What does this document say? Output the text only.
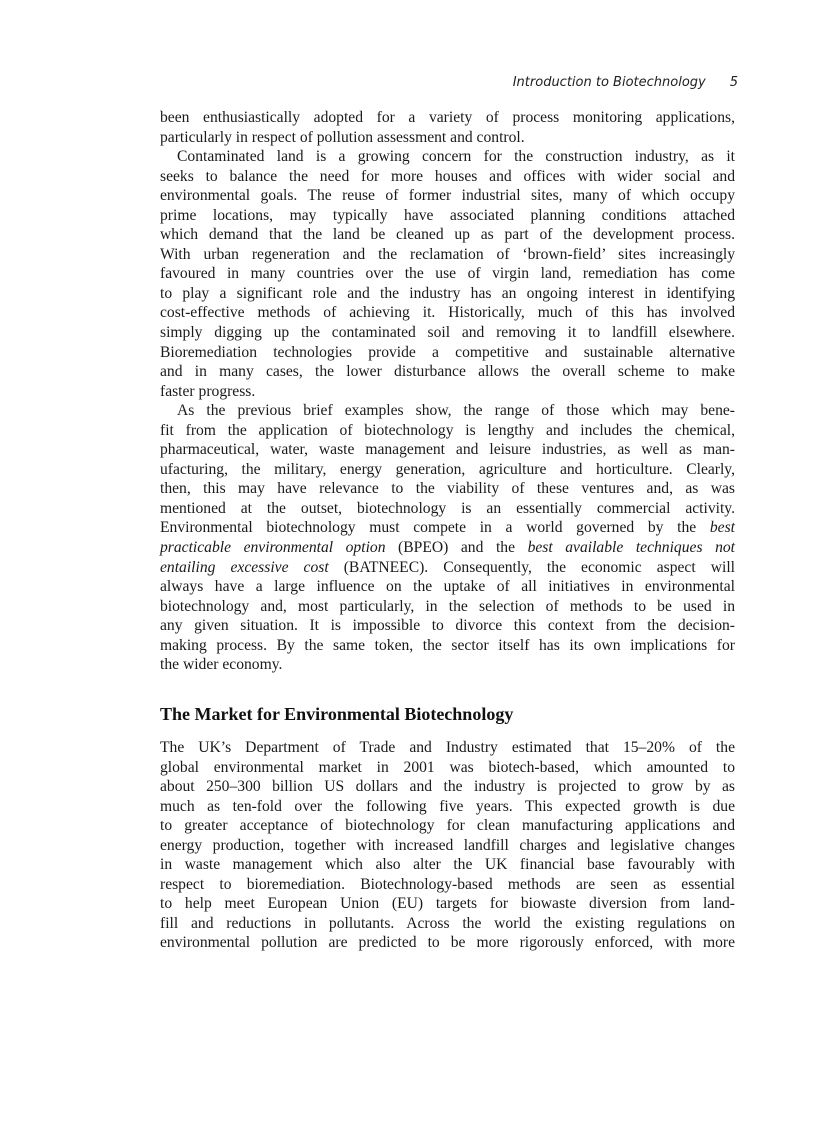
Introduction to Biotechnology 5
been enthusiastically adopted for a variety of process monitoring applications,
particularly in respect of pollution assessment and control.
Contaminated land is a growing concern for the construction industry, as it
seeks to balance the need for more houses and offices with wider social and
environmental goals. The reuse of former industrial sites, many of which occupy
prime locations, may typically have associated planning conditions attached
which demand that the land be cleaned up as part of the development process.
With urban regeneration and the reclamation of ‘brown-field’ sites increasingly
favoured in many countries over the use of virgin land, remediation has come
to play a significant role and the industry has an ongoing interest in identifying
cost-effective methods of achieving it. Historically, much of this has involved
simply digging up the contaminated soil and removing it to landfill elsewhere.
Bioremediation technologies provide a competitive and sustainable alternative
and in many cases, the lower disturbance allows the overall scheme to make
faster progress.
As the previous brief examples show, the range of those which may bene-
fit from the application of biotechnology is lengthy and includes the chemical,
pharmaceutical, water, waste management and leisure industries, as well as man-
ufacturing, the military, energy generation, agriculture and horticulture. Clearly,
then, this may have relevance to the viability of these ventures and, as was
mentioned at the outset, biotechnology is an essentially commercial activity.
Environmental biotechnology must compete in a world governed by the best
practicable environmental option (BPEO) and the best available techniques not
entailing excessive cost (BATNEEC). Consequently, the economic aspect will
always have a large influence on the uptake of all initiatives in environmental
biotechnology and, most particularly, in the selection of methods to be used in
any given situation. It is impossible to divorce this context from the decision-
making process. By the same token, the sector itself has its own implications for
the wider economy.
The Market for Environmental Biotechnology
The UK’s Department of Trade and Industry estimated that 15–20% of the
global environmental market in 2001 was biotech-based, which amounted to
about 250–300 billion US dollars and the industry is projected to grow by as
much as ten-fold over the following five years. This expected growth is due
to greater acceptance of biotechnology for clean manufacturing applications and
energy production, together with increased landfill charges and legislative changes
in waste management which also alter the UK financial base favourably with
respect to bioremediation. Biotechnology-based methods are seen as essential
to help meet European Union (EU) targets for biowaste diversion from land-
fill and reductions in pollutants. Across the world the existing regulations on
environmental pollution are predicted to be more rigorously enforced, with more
